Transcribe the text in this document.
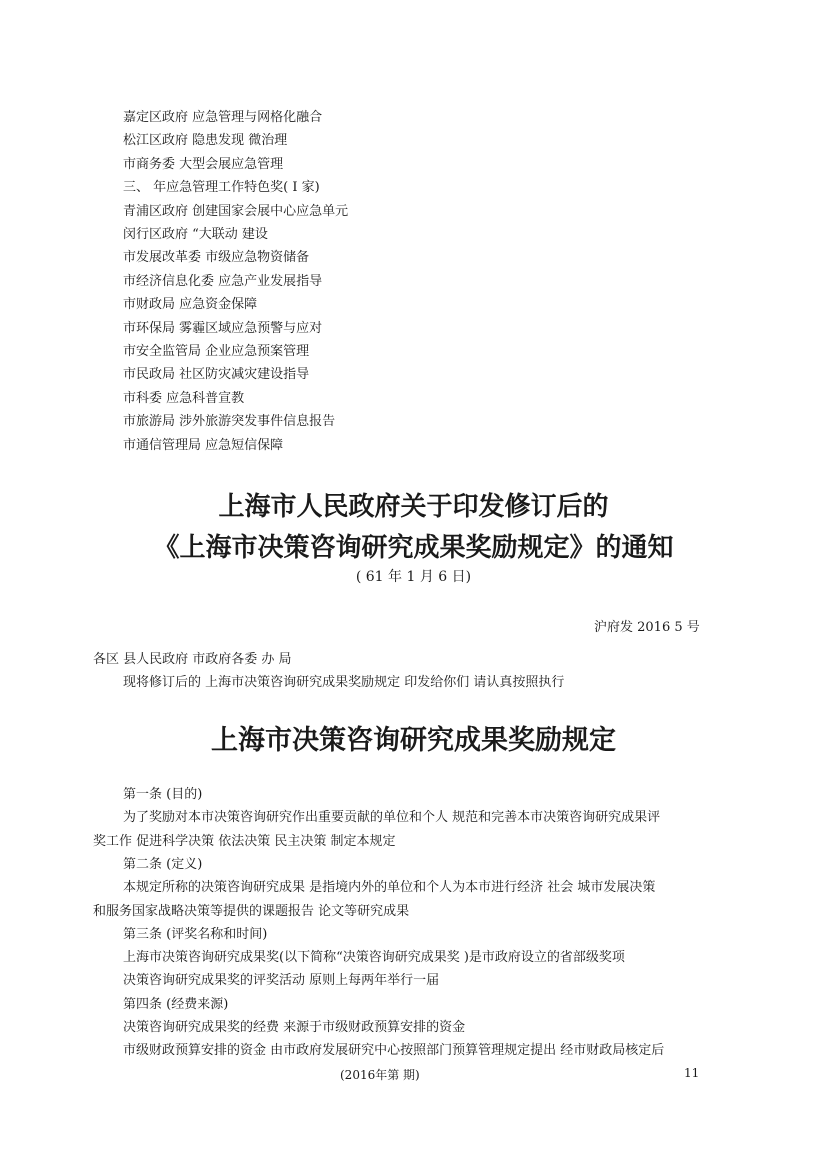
嘉定区政府 应急管理与网格化融合
松江区政府 隐患发现 微治理
市商务委 大型会展应急管理
三、 年应急管理工作特色奖( Ⅰ 家)
青浦区政府 创建国家会展中心应急单元
闵行区政府 “大联动 建设
市发展改革委 市级应急物资储备
市经济信息化委 应急产业发展指导
市财政局 应急资金保障
市环保局 雾霾区域应急预警与应对
市安全监管局 企业应急预案管理
市民政局 社区防灾减灾建设指导
市科委 应急科普宣教
市旅游局 涉外旅游突发事件信息报告
市通信管理局 应急短信保障
上海市人民政府关于印发修订后的
《上海市决策咨询研究成果奖励规定》的通知
( 61 年 1 月 6 日)
沪府发 2016 5 号
各区 县人民政府 市政府各委 办 局
现将修订后的 上海市决策咨询研究成果奖励规定 印发给你们 请认真按照执行
上海市决策咨询研究成果奖励规定
第一条 (目的)
为了奖励对本市决策咨询研究作出重要贡献的单位和个人 规范和完善本市决策咨询研究成果评
奖工作 促进科学决策 依法决策 民主决策 制定本规定
第二条 (定义)
本规定所称的决策咨询研究成果 是指境内外的单位和个人为本市进行经济 社会 城市发展决策
和服务国家战略决策等提供的课题报告 论文等研究成果
第三条 (评奖名称和时间)
上海市决策咨询研究成果奖(以下简称“决策咨询研究成果奖 )是市政府设立的省部级奖项
决策咨询研究成果奖的评奖活动 原则上每两年举行一届
第四条 (经费来源)
决策咨询研究成果奖的经费 来源于市级财政预算安排的资金
市级财政预算安排的资金 由市政府发展研究中心按照部门预算管理规定提出 经市财政局核定后
(2016年第 期)	11
